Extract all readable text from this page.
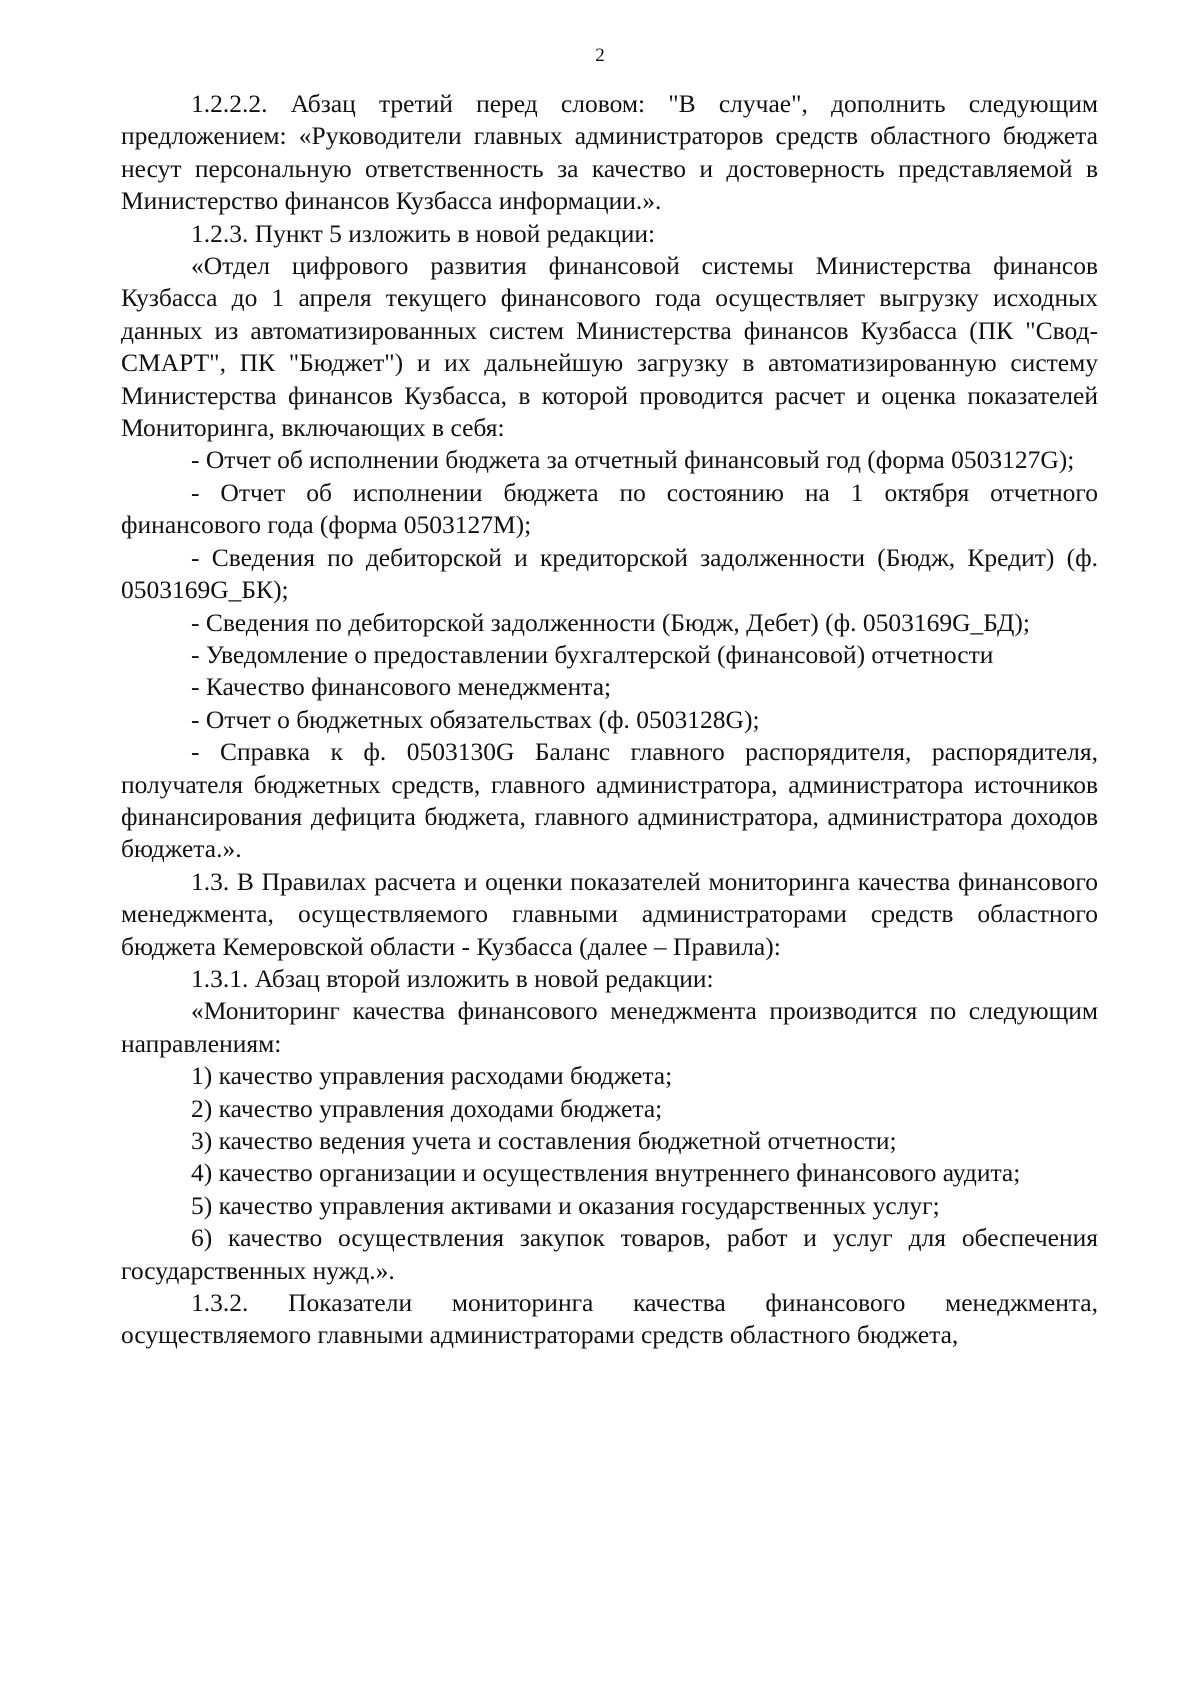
2

1.2.2.2. Абзац третий перед словом: "В случае", дополнить следующим предложением: «Руководители главных администраторов средств областного бюджета несут персональную ответственность за качество и достоверность представляемой в Министерство финансов Кузбасса информации.».

1.2.3. Пункт 5 изложить в новой редакции:

«Отдел цифрового развития финансовой системы Министерства финансов Кузбасса до 1 апреля текущего финансового года осуществляет выгрузку исходных данных из автоматизированных систем Министерства финансов Кузбасса (ПК "Свод-СМАРТ", ПК "Бюджет") и их дальнейшую загрузку в автоматизированную систему Министерства финансов Кузбасса, в которой проводится расчет и оценка показателей Мониторинга, включающих в себя:

- Отчет об исполнении бюджета за отчетный финансовый год (форма 0503127G);

- Отчет об исполнении бюджета по состоянию на 1 октября отчетного финансового года (форма 0503127M);

- Сведения по дебиторской и кредиторской задолженности (Бюдж, Кредит) (ф. 0503169G_БК);

- Сведения по дебиторской задолженности (Бюдж, Дебет) (ф. 0503169G_БД);

- Уведомление о предоставлении бухгалтерской (финансовой) отчетности

- Качество финансового менеджмента;

- Отчет о бюджетных обязательствах (ф. 0503128G);

- Справка к ф. 0503130G Баланс главного распорядителя, распорядителя, получателя бюджетных средств, главного администратора, администратора источников финансирования дефицита бюджета, главного администратора, администратора доходов бюджета.».

1.3. В Правилах расчета и оценки показателей мониторинга качества финансового менеджмента, осуществляемого главными администраторами средств областного бюджета Кемеровской области - Кузбасса (далее – Правила):

1.3.1. Абзац второй изложить в новой редакции:

«Мониторинг качества финансового менеджмента производится по следующим направлениям:

1) качество управления расходами бюджета;

2) качество управления доходами бюджета;

3) качество ведения учета и составления бюджетной отчетности;

4) качество организации и осуществления внутреннего финансового аудита;

5) качество управления активами и оказания государственных услуг;

6) качество осуществления закупок товаров, работ и услуг для обеспечения государственных нужд.».

1.3.2. Показатели мониторинга качества финансового менеджмента, осуществляемого главными администраторами средств областного бюджета,
